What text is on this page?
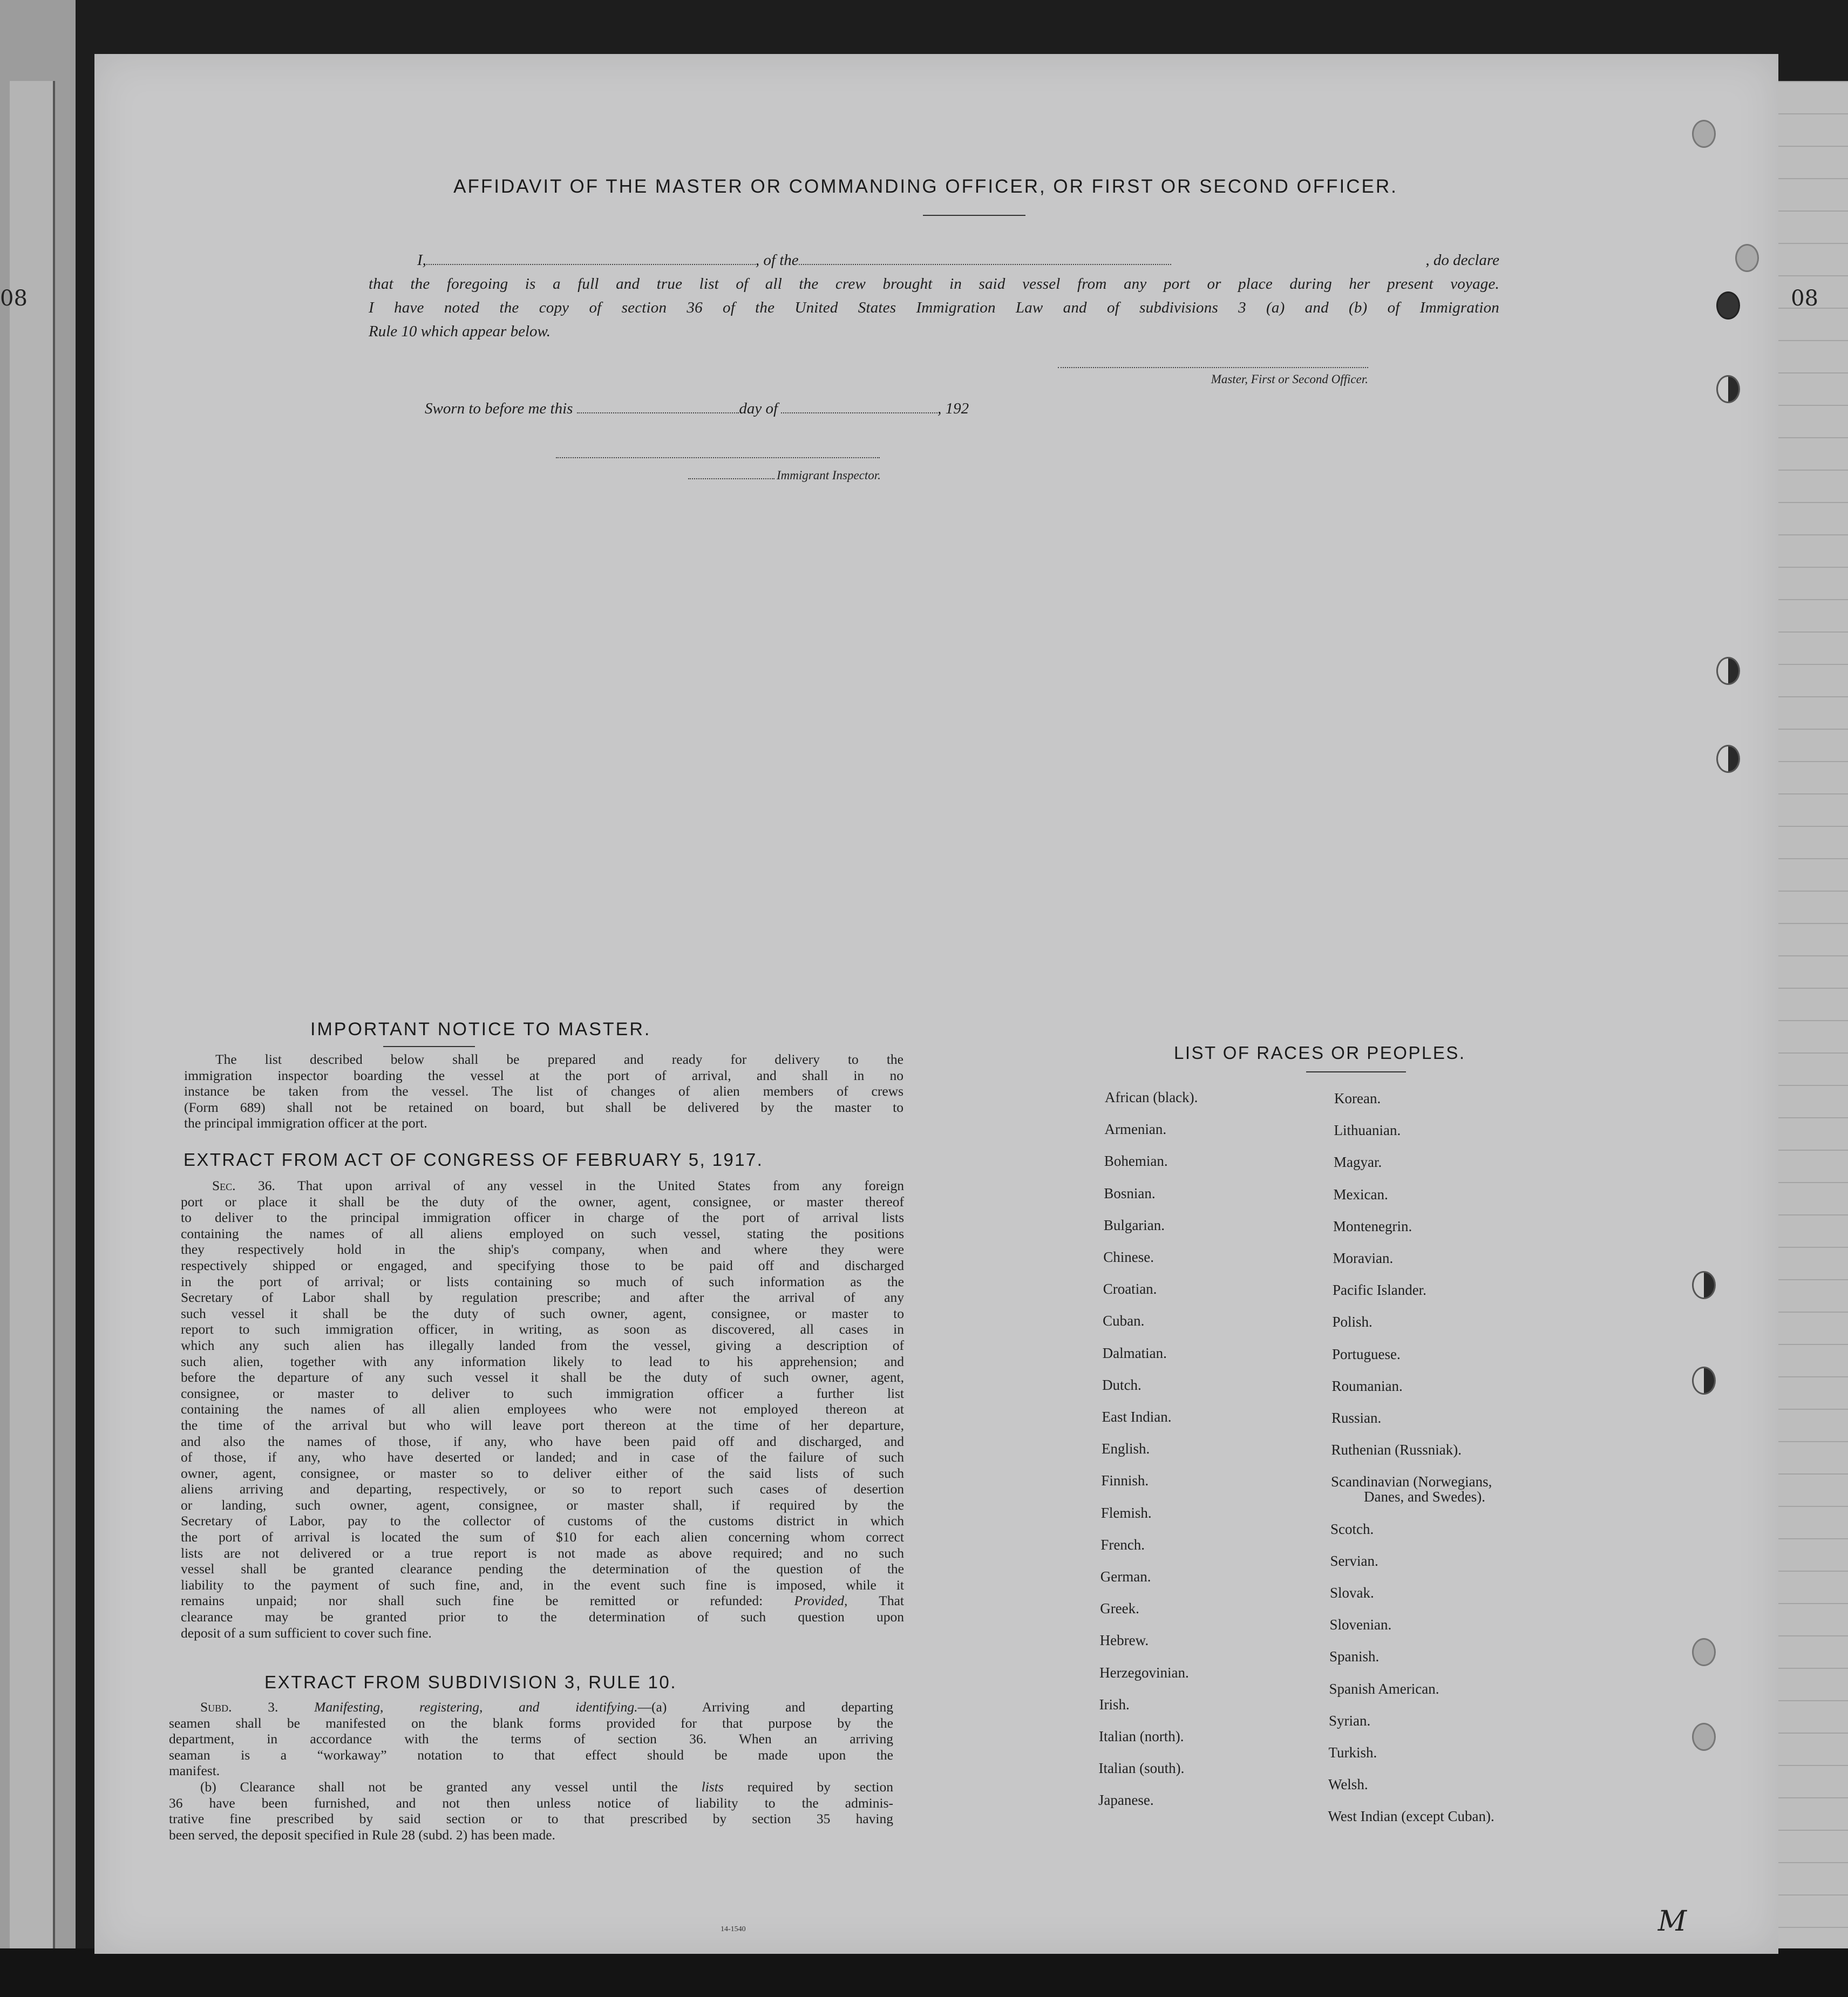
08	08
AFFIDAVIT OF THE MASTER OR COMMANDING OFFICER, OR FIRST OR SECOND OFFICER.
I,	, of the	, do declare
that the foregoing is a full and true list of all the crew brought in said vessel from any port or place during her present voyage.
I have noted the copy of section 36 of the United States Immigration Law and of subdivisions 3 (a) and (b) of Immigration
Rule 10 which appear below.
Master, First or Second Officer.
Sworn to before me this	day of	, 192
Immigrant Inspector.
IMPORTANT NOTICE TO MASTER.
The list described below shall be prepared and ready for delivery to the
immigration inspector boarding the vessel at the port of arrival, and shall in no
instance be taken from the vessel. The list of changes of alien members of crews
(Form 689) shall not be retained on board, but shall be delivered by the master to
the principal immigration officer at the port.
EXTRACT FROM ACT OF CONGRESS OF FEBRUARY 5, 1917.
Sec. 36. That upon arrival of any vessel in the United States from any foreign
port or place it shall be the duty of the owner, agent, consignee, or master thereof
to deliver to the principal immigration officer in charge of the port of arrival lists
containing the names of all aliens employed on such vessel, stating the positions
they respectively hold in the ship's company, when and where they were
respectively shipped or engaged, and specifying those to be paid off and discharged
in the port of arrival; or lists containing so much of such information as the
Secretary of Labor shall by regulation prescribe; and after the arrival of any
such vessel it shall be the duty of such owner, agent, consignee, or master to
report to such immigration officer, in writing, as soon as discovered, all cases in
which any such alien has illegally landed from the vessel, giving a description of
such alien, together with any information likely to lead to his apprehension; and
before the departure of any such vessel it shall be the duty of such owner, agent,
consignee, or master to deliver to such immigration officer a further list
containing the names of all alien employees who were not employed thereon at
the time of the arrival but who will leave port thereon at the time of her departure,
and also the names of those, if any, who have been paid off and discharged, and
of those, if any, who have deserted or landed; and in case of the failure of such
owner, agent, consignee, or master so to deliver either of the said lists of such
aliens arriving and departing, respectively, or so to report such cases of desertion
or landing, such owner, agent, consignee, or master shall, if required by the
Secretary of Labor, pay to the collector of customs of the customs district in which
the port of arrival is located the sum of $10 for each alien concerning whom correct
lists are not delivered or a true report is not made as above required; and no such
vessel shall be granted clearance pending the determination of the question of the
liability to the payment of such fine, and, in the event such fine is imposed, while it
remains unpaid; nor shall such fine be remitted or refunded: Provided, That
clearance may be granted prior to the determination of such question upon
deposit of a sum sufficient to cover such fine.
EXTRACT FROM SUBDIVISION 3, RULE 10.
Subd. 3.	Manifesting, registering, and identifying.—(a) Arriving and departing
seamen shall be manifested on the blank forms provided for that purpose by the
department, in accordance with the terms of section 36. When an arriving
seaman is a “workaway” notation to that effect should be made upon the
manifest.
(b) Clearance shall not be granted any vessel until the lists required by section
36 have been furnished, and not then unless notice of liability to the adminis-
trative fine prescribed by said section or to that prescribed by section 35 having
been served, the deposit specified in Rule 28 (subd. 2) has been made.
14-1540
LIST OF RACES OR PEOPLES.
African (black).
Armenian.
Bohemian.
Bosnian.
Bulgarian.
Chinese.
Croatian.
Cuban.
Dalmatian.
Dutch.
East Indian.
English.
Finnish.
Flemish.
French.
German.
Greek.
Hebrew.
Herzegovinian.
Irish.
Italian (north).
Italian (south).
Japanese.
Korean.
Lithuanian.
Magyar.
Mexican.
Montenegrin.
Moravian.
Pacific Islander.
Polish.
Portuguese.
Roumanian.
Russian.
Ruthenian (Russniak).
Scandinavian (Norwegians,
Danes, and Swedes).
Scotch.
Servian.
Slovak.
Slovenian.
Spanish.
Spanish American.
Syrian.
Turkish.
Welsh.
West Indian (except Cuban).
M
